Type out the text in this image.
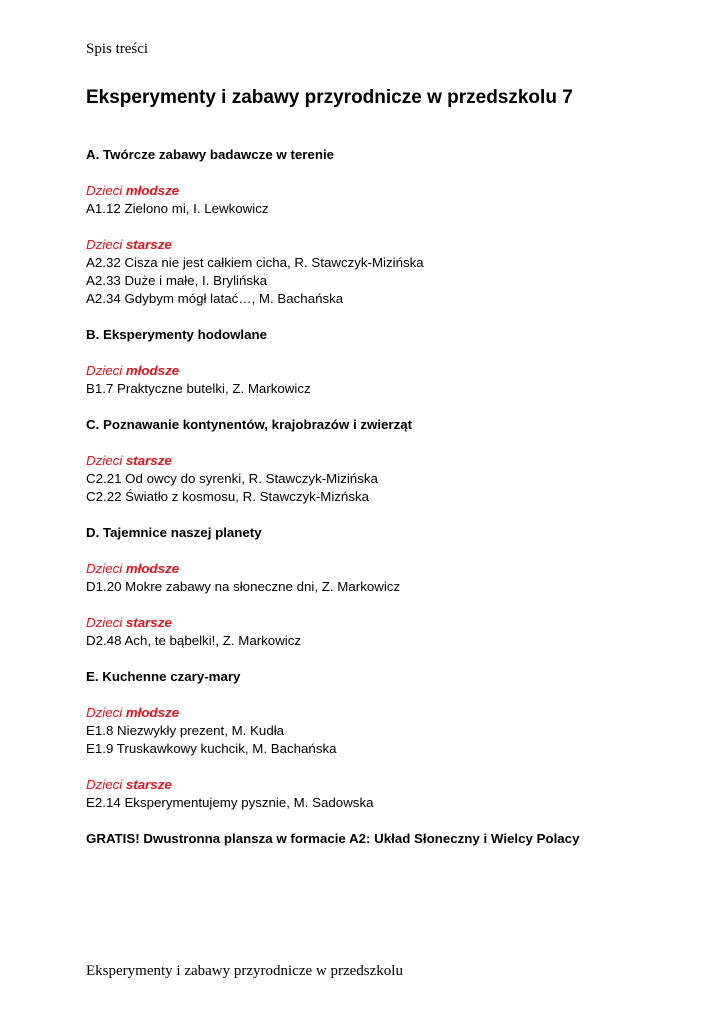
Spis treści
Eksperymenty i zabawy przyrodnicze w przedszkolu 7

A. Twórcze zabawy badawcze w terenie

Dzieci młodsze

A1.12 Zielono mi, I. Lewkowicz

Dzieci starsze

A2.32 Cisza nie jest całkiem cicha, R. Stawczyk-Mizińska

A2.33 Duże i małe, I. Brylińska

A2.34 Gdybym mógł latać…, M. Bachańska

B. Eksperymenty hodowlane

Dzieci młodsze

B1.7 Praktyczne butelki, Z. Markowicz

C. Poznawanie kontynentów, krajobrazów i zwierząt

Dzieci starsze

C2.21 Od owcy do syrenki, R. Stawczyk-Mizińska

C2.22 Światło z kosmosu, R. Stawczyk-Mizńska

D. Tajemnice naszej planety

Dzieci młodsze

D1.20 Mokre zabawy na słoneczne dni, Z. Markowicz

Dzieci starsze

D2.48 Ach, te bąbelki!, Z. Markowicz

E. Kuchenne czary-mary

Dzieci młodsze

E1.8 Niezwykły prezent, M. Kudła

E1.9 Truskawkowy kuchcik, M. Bachańska

Dzieci starsze

E2.14 Eksperymentujemy pysznie, M. Sadowska

GRATIS! Dwustronna plansza w formacie A2: Układ Słoneczny i Wielcy Polacy

Eksperymenty i zabawy przyrodnicze w przedszkolu
